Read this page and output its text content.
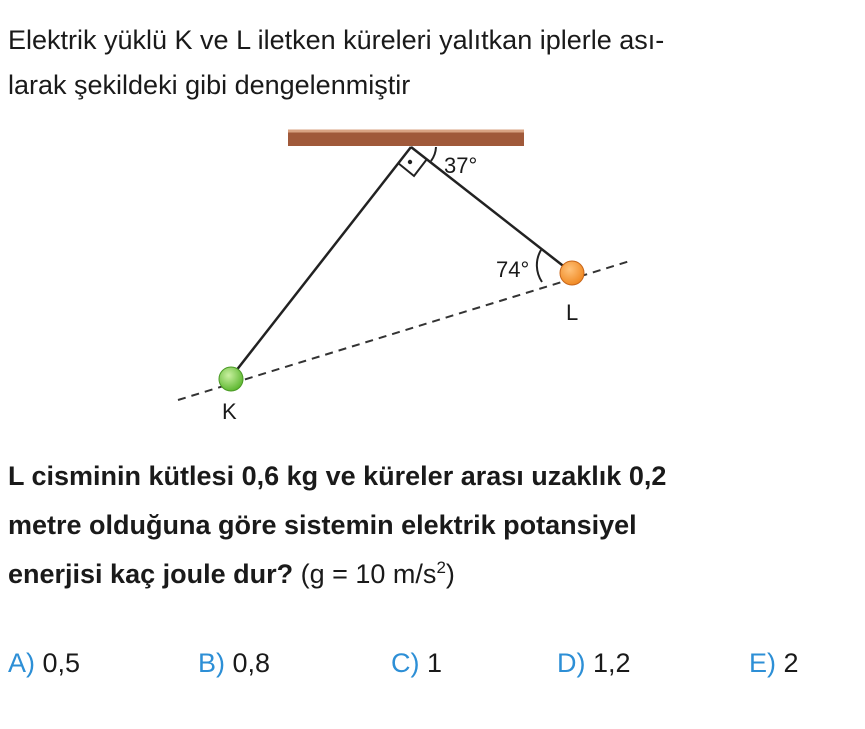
Elektrik yüklü K ve L iletken küreleri yalıtkan iplerle ası-
larak şekildeki gibi dengelenmiştir

37°
74°
L
K

L cisminin kütlesi 0,6 kg ve küreler arası uzaklık 0,2
metre olduğuna göre sistemin elektrik potansiyel
enerjisi kaç joule dur? (g = 10 $m/s^2$)

A) 0,5	B) 0,8	C) 1	D) 1,2	E) 2
